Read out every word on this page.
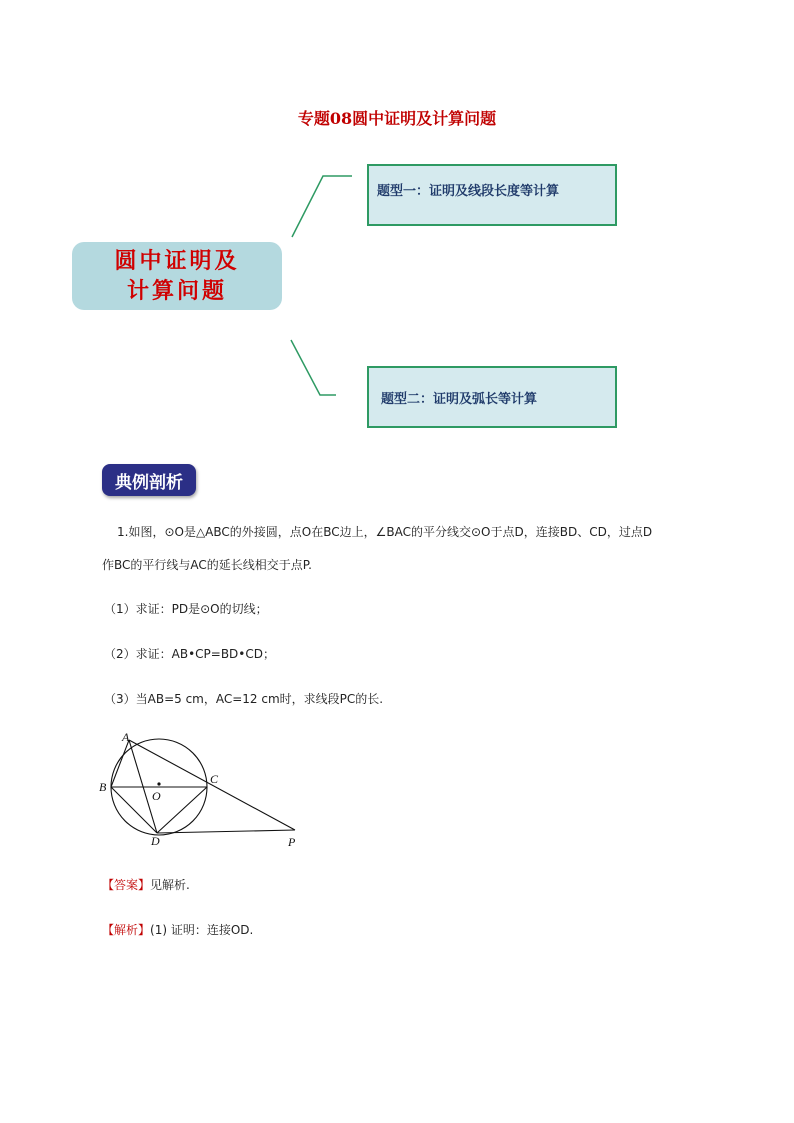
专题08圆中证明及计算问题
圆中证明及
计算问题
题型一：证明及线段长度等计算
题型二：证明及弧长等计算
典例剖析
1.如图，⊙O是△ABC的外接圆，点O在BC边上，∠BAC的平分线交⊙O于点D，连接BD、CD，过点D
作BC的平行线与AC的延长线相交于点P.
（1）求证：PD是⊙O的切线；
（2）求证：AB•CP=BD•CD；
（3）当AB=5 cm，AC=12 cm时，求线段PC的长.
A
B
C
O
D	P
【答案】见解析.
【解析】(1) 证明：连接OD.
